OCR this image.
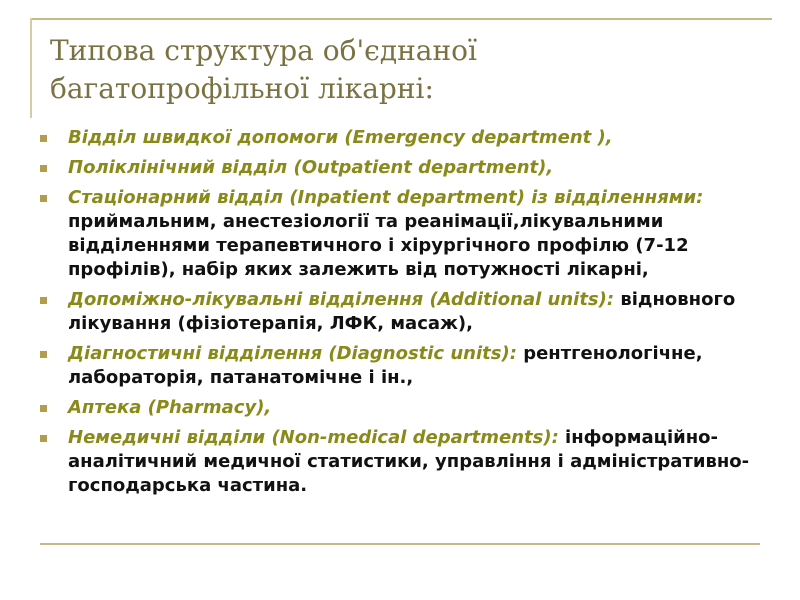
Типова структура об'єднаної
багатопрофільної лікарні:
Відділ швидкої допомоги (Emergency department ),
Поліклінічний відділ (Outpatient department),
Стаціонарний відділ (Inpatient department) із відділеннями: приймальним, анестезіології та реанімації,лікувальними відділеннями терапевтичного і хірургічного профілю (7-12 профілів), набір яких залежить від потужності лікарні,
Допоміжно-лікувальні відділення (Additional units): відновного лікування (фізіотерапія, ЛФК, масаж),
Діагностичні відділення (Diagnostic units): рентгенологічне, лабораторія, патанатомічне і ін.,
Аптека (Pharmacy),
Немедичні відділи (Non-medical departments): інформаційно-аналітичний медичної статистики, управління і адміністративно-господарська частина.
